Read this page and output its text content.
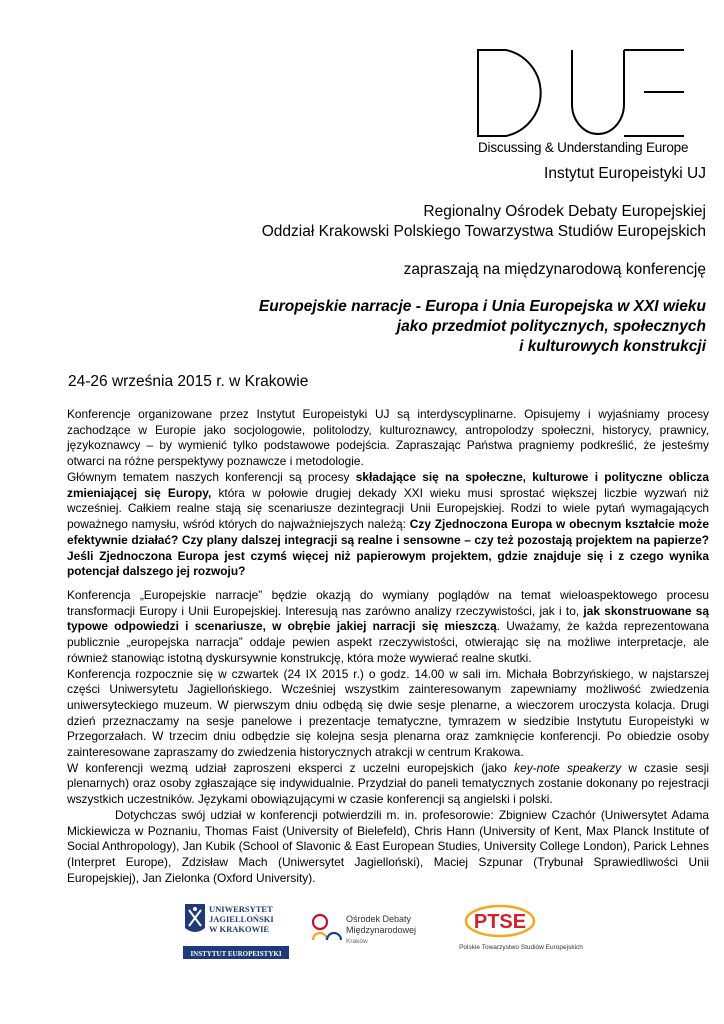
Discussing & Understanding Europe
Instytut Europeistyki UJ
Regionalny Ośrodek Debaty Europejskiej
Oddział Krakowski Polskiego Towarzystwa Studiów Europejskich
zapraszają na międzynarodową konferencję
Europejskie narracje - Europa i Unia Europejska w XXI wieku
jako przedmiot politycznych, społecznych
i kulturowych konstrukcji
24-26 września 2015 r. w Krakowie
Konferencje organizowane przez Instytut Europeistyki UJ są interdyscyplinarne. Opisujemy i wyjaśniamy procesy zachodzące w Europie jako socjologowie, politolodzy, kulturoznawcy, antropolodzy społeczni, historycy, prawnicy, językoznawcy – by wymienić tylko podstawowe podejścia. Zapraszając Państwa pragniemy podkreślić, że jesteśmy otwarci na różne perspektywy poznawcze i metodologie.
Głównym tematem naszych konferencji są procesy składające się na społeczne, kulturowe i polityczne oblicza zmieniającej się Europy, która w połowie drugiej dekady XXI wieku musi sprostać większej liczbie wyzwań niż wcześniej. Całkiem realne stają się scenariusze dezintegracji Unii Europejskiej. Rodzi to wiele pytań wymagających poważnego namysłu, wśród których do najważniejszych należą: Czy Zjednoczona Europa w obecnym kształcie może efektywnie działać? Czy plany dalszej integracji są realne i sensowne – czy też pozostają projektem na papierze? Jeśli Zjednoczona Europa jest czymś więcej niż papierowym projektem, gdzie znajduje się i z czego wynika potencjał dalszego jej rozwoju?
Konferencja „Europejskie narracje” będzie okazją do wymiany poglądów na temat wieloaspektowego procesu transformacji Europy i Unii Europejskiej. Interesują nas zarówno analizy rzeczywistości, jak i to, jak skonstruowane są typowe odpowiedzi i scenariusze, w obrębie jakiej narracji się mieszczą. Uważamy, że każda reprezentowana publicznie „europejska narracja” oddaje pewien aspekt rzeczywistości, otwierając się na możliwe interpretacje, ale również stanowiąc istotną dyskursywnie konstrukcję, która może wywierać realne skutki.
Konferencja rozpocznie się w czwartek (24 IX 2015 r.) o godz. 14.00 w sali im. Michała Bobrzyńskiego, w najstarszej części Uniwersytetu Jagiellońskiego. Wcześniej wszystkim zainteresowanym zapewniamy możliwość zwiedzenia uniwersyteckiego muzeum. W pierwszym dniu odbędą się dwie sesje plenarne, a wieczorem uroczysta kolacja. Drugi dzień przeznaczamy na sesje panelowe i prezentacje tematyczne, tymrazem w siedzibie Instytutu Europeistyki w Przegorzałach. W trzecim dniu odbędzie się kolejna sesja plenarna oraz zamknięcie konferencji. Po obiedzie osoby zainteresowane zapraszamy do zwiedzenia historycznych atrakcji w centrum Krakowa.
W konferencji wezmą udział zaproszeni eksperci z uczelni europejskich (jako key-note speakerzy w czasie sesji plenarnych) oraz osoby zgłaszające się indywidualnie. Przydział do paneli tematycznych zostanie dokonany po rejestracji wszystkich uczestników. Językami obowiązującymi w czasie konferencji są angielski i polski.
Dotychczas swój udział w konferencji potwierdzili m. in. profesorowie: Zbigniew Czachór (Uniwersytet Adama Mickiewicza w Poznaniu, Thomas Faist (University of Bielefeld), Chris Hann (University of Kent, Max Planck Institute of Social Anthropology), Jan Kubik (School of Slavonic & East European Studies, University College London), Parick Lehnes (Interpret Europe), Zdzisław Mach (Uniwersytet Jagielloński), Maciej Szpunar (Trybunał Sprawiedliwości Unii Europejskiej), Jan Zielonka (Oxford University).
UNIWERSYTET
JAGIELLOŃSKI
W KRAKOWIE
INSTYTUT EUROPEISTYKI
Ośrodek Debaty
Międzynarodowej
Kraków
PTSE
Polskie Towarzystwo Studiów Europejskich
